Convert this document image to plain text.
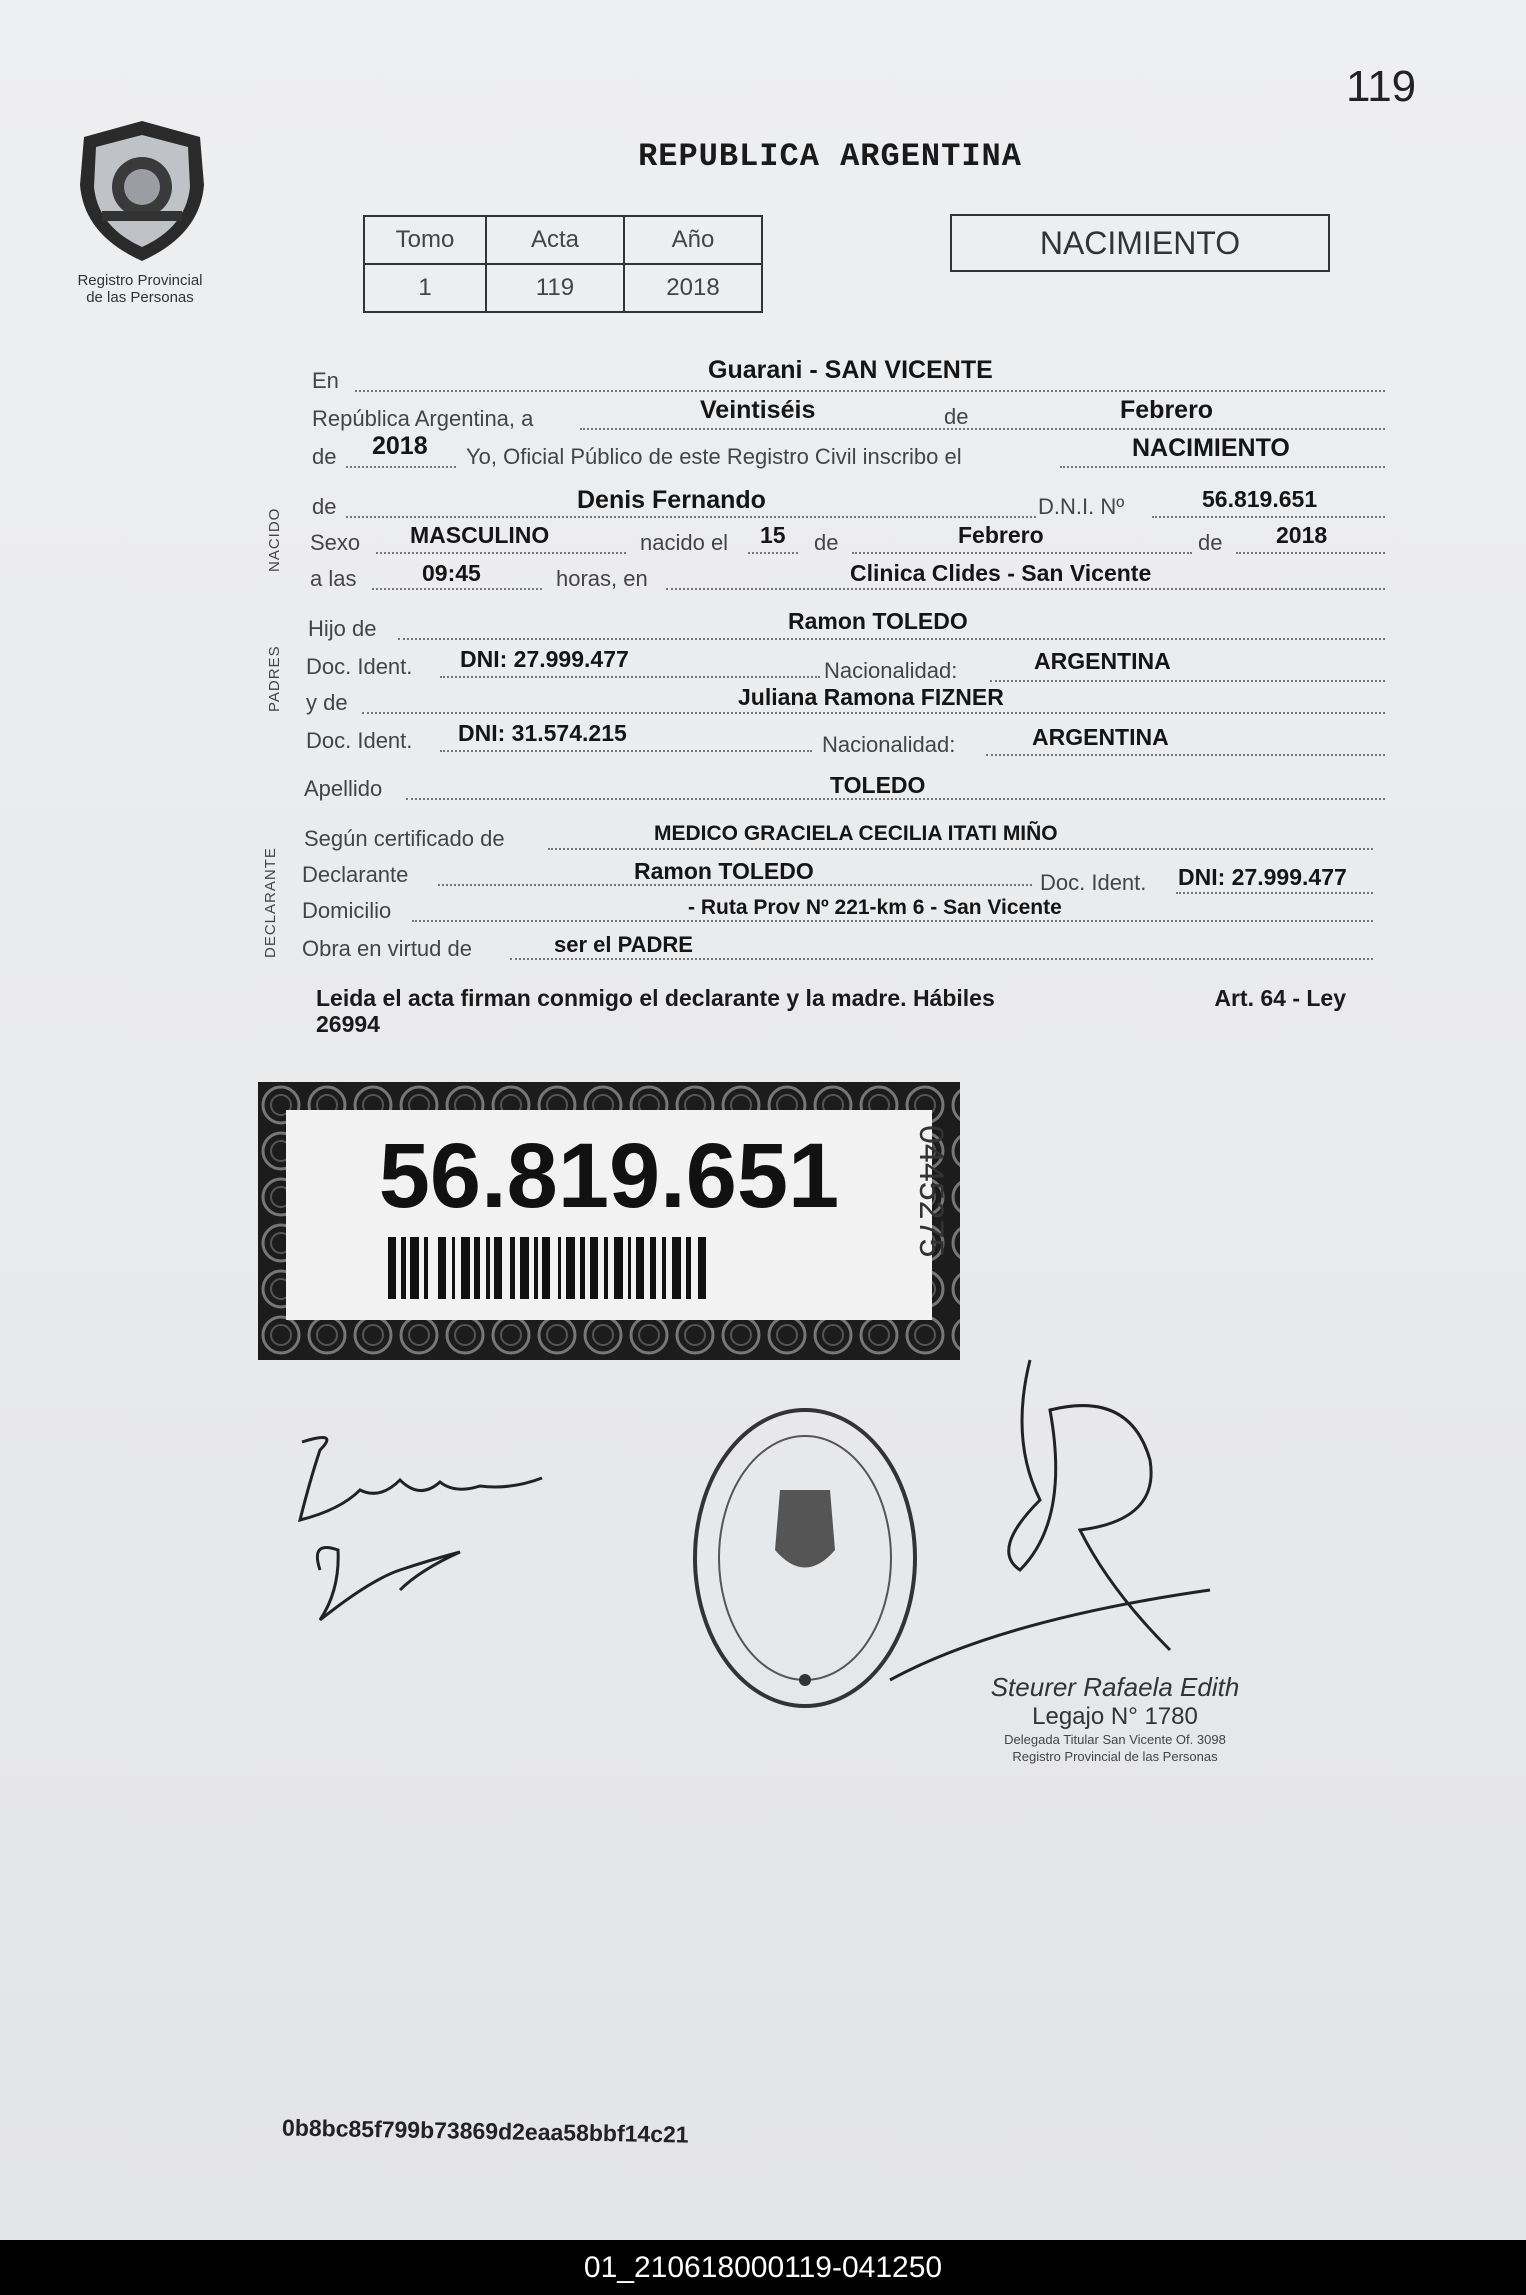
119
Registro Provincial
de las Personas
REPUBLICA ARGENTINA
Tomo	Acta	Año
1	119	2018
NACIMIENTO
NACIDO
PADRES
DECLARANTE
En	Guarani - SAN VICENTE
República Argentina, a	Veintiséis	de	Febrero
de 2018 Yo, Oficial Público de este Registro Civil inscribo el	NACIMIENTO
de	Denis Fernando	D.N.I. Nº	56.819.651
Sexo MASCULINO	nacido el 15 de	Febrero	de 2018
a las	09:45	horas, en	Clinica Clides - San Vicente
Hijo de	Ramon TOLEDO
Doc. Ident. DNI: 27.999.477	Nacionalidad:	ARGENTINA
y de	Juliana Ramona FIZNER
Doc. Ident. DNI: 31.574.215	Nacionalidad:	ARGENTINA
Apellido	TOLEDO
Según certificado de	MEDICO GRACIELA CECILIA ITATI MIÑO
Declarante	Ramon TOLEDO	Doc. Ident. DNI: 27.999.477
Domicilio	- Ruta Prov Nº 221-km 6 - San Vicente
Obra en virtud de	ser el PADRE
Leida el acta firman conmigo el declarante y la madre. Hábiles	Art. 64 - Ley
26994
56.819.651	0445275
Steurer Rafaela Edith
Legajo N° 1780
Delegada Titular San Vicente Of. 3098
Registro Provincial de las Personas
0b8bc85f799b73869d2eaa58bbf14c21
01_210618000119-041250
